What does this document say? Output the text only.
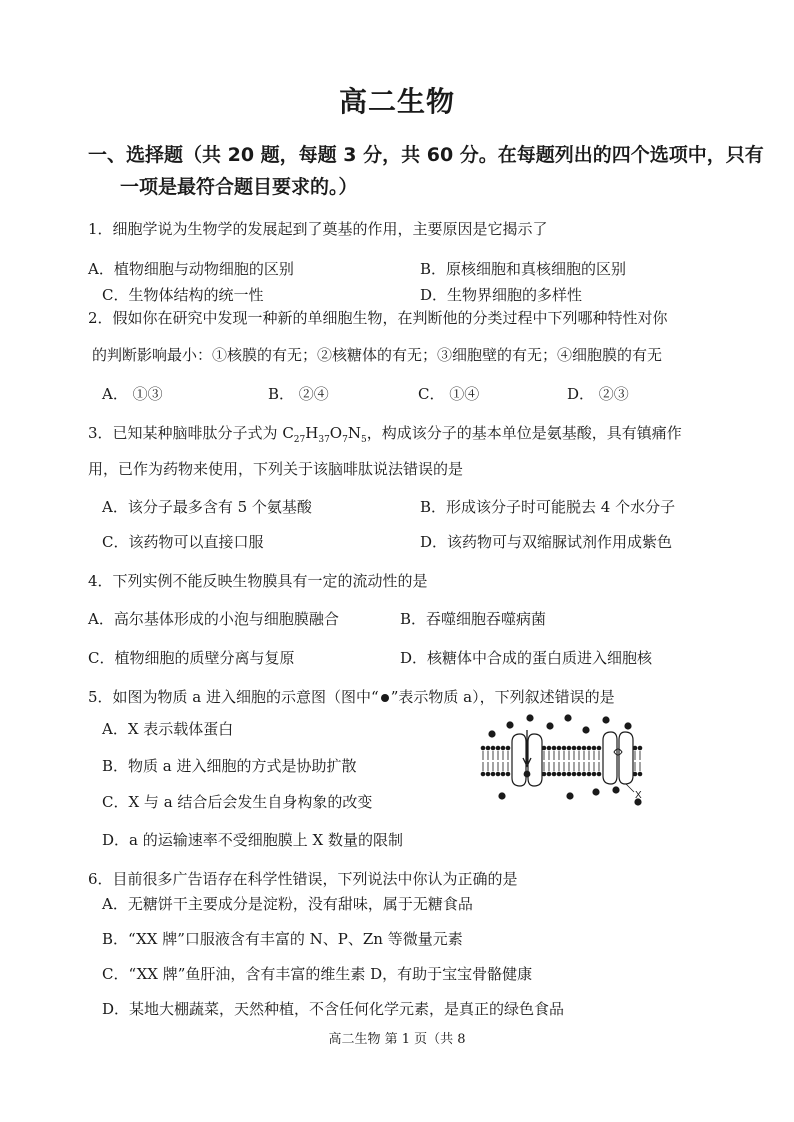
高二生物
一、选择题（共 20 题，每题 3 分，共 60 分。在每题列出的四个选项中，只有
一项是最符合题目要求的。）
1．细胞学说为生物学的发展起到了奠基的作用，主要原因是它揭示了
A．植物细胞与动物细胞的区别	B．原核细胞和真核细胞的区别
C．生物体结构的统一性	D．生物界细胞的多样性
2．假如你在研究中发现一种新的单细胞生物，在判断他的分类过程中下列哪种特性对你
的判断影响最小：①核膜的有无；②核糖体的有无；③细胞壁的有无；④细胞膜的有无
A． ①③	B． ②④	C． ①④	D． ②③
3．已知某种脑啡肽分子式为 $C_{27}H_{37}O_7N_5$，构成该分子的基本单位是氨基酸，具有镇痛作
用，已作为药物来使用，下列关于该脑啡肽说法错误的是
A．该分子最多含有 5 个氨基酸	B．形成该分子时可能脱去 4 个水分子
C．该药物可以直接口服	D．该药物可与双缩脲试剂作用成紫色
4．下列实例不能反映生物膜具有一定的流动性的是
A．高尔基体形成的小泡与细胞膜融合	B．吞噬细胞吞噬病菌
C．植物细胞的质壁分离与复原	D．核糖体中合成的蛋白质进入细胞核
5．如图为物质 a 进入细胞的示意图（图中“ ”表示物质 a），下列叙述错误的是
A．X 表示载体蛋白
B．物质 a 进入细胞的方式是协助扩散
C．X 与 a 结合后会发生自身构象的改变
D．a 的运输速率不受细胞膜上 X 数量的限制
X
6．目前很多广告语存在科学性错误，下列说法中你认为正确的是
A．无糖饼干主要成分是淀粉，没有甜味，属于无糖食品
B．“XX 牌”口服液含有丰富的 N、P、Zn 等微量元素
C．“XX 牌”鱼肝油，含有丰富的维生素 D，有助于宝宝骨骼健康
D．某地大棚蔬菜，天然种植，不含任何化学元素，是真正的绿色食品
高二生物 第 1 页（共 8
